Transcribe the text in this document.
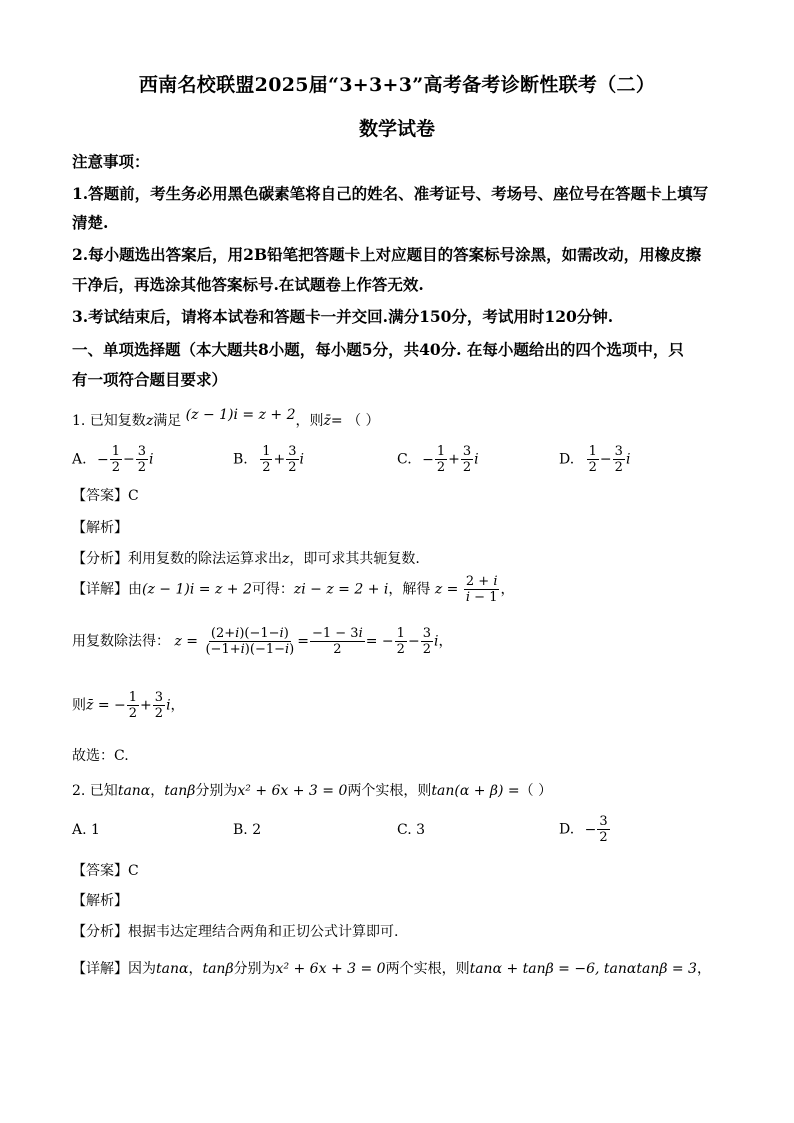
西南名校联盟2025届“3+3+3”高考备考诊断性联考（二）
数学试卷
注意事项：
1.答题前，考生务必用黑色碳素笔将自己的姓名、准考证号、考场号、座位号在答题卡上填写
清楚.
2.每小题选出答案后，用2B铅笔把答题卡上对应题目的答案标号涂黑，如需改动，用橡皮擦
干净后，再选涂其他答案标号.在试题卷上作答无效.
3.考试结束后，请将本试卷和答题卡一并交回.满分150分，考试用时120分钟.
一、单项选择题（本大题共8小题，每小题5分，共40分. 在每小题给出的四个选项中，只
有一项符合题目要求）
1. 已知复数z满足 (z − 1)i = z + 2，则z̄= （ ）
A. − $\frac{1}{2} - \frac{3}{2}$ i	B. $\frac{1}{2} + \frac{3}{2}$ i	C. − $\frac{1}{2} + \frac{3}{2}$ i	D. $\frac{1}{2} - \frac{3}{2}$ i
【答案】C
【解析】
【分析】利用复数的除法运算求出z，即可求其共轭复数.
【详解】由(z − 1)i = z + 2可得：zi − z = 2 + i，解得 $z = \frac{2 + i}{i - 1}$ ，
用复数除法得： $z = \frac{(2+i)(-1-i)}{(-1+i)(-1-i)} = \frac{-1 - 3i}{2}$ = − $\frac{1}{2} - \frac{3}{2}$ i，
则z̄ = − $\frac{1}{2} + \frac{3}{2}$ i，
故选：C.
2. 已知tanα，tanβ分别为x² + 6x + 3 = 0两个实根，则tan(α + β) =（ ）
A. 1	B. 2	C. 3	D. − $\frac{3}{2}$
【答案】C
【解析】
【分析】根据韦达定理结合两角和正切公式计算即可.
【详解】因为tanα，tanβ分别为x² + 6x + 3 = 0两个实根，则tanα + tanβ = −6, tanαtanβ = 3，
